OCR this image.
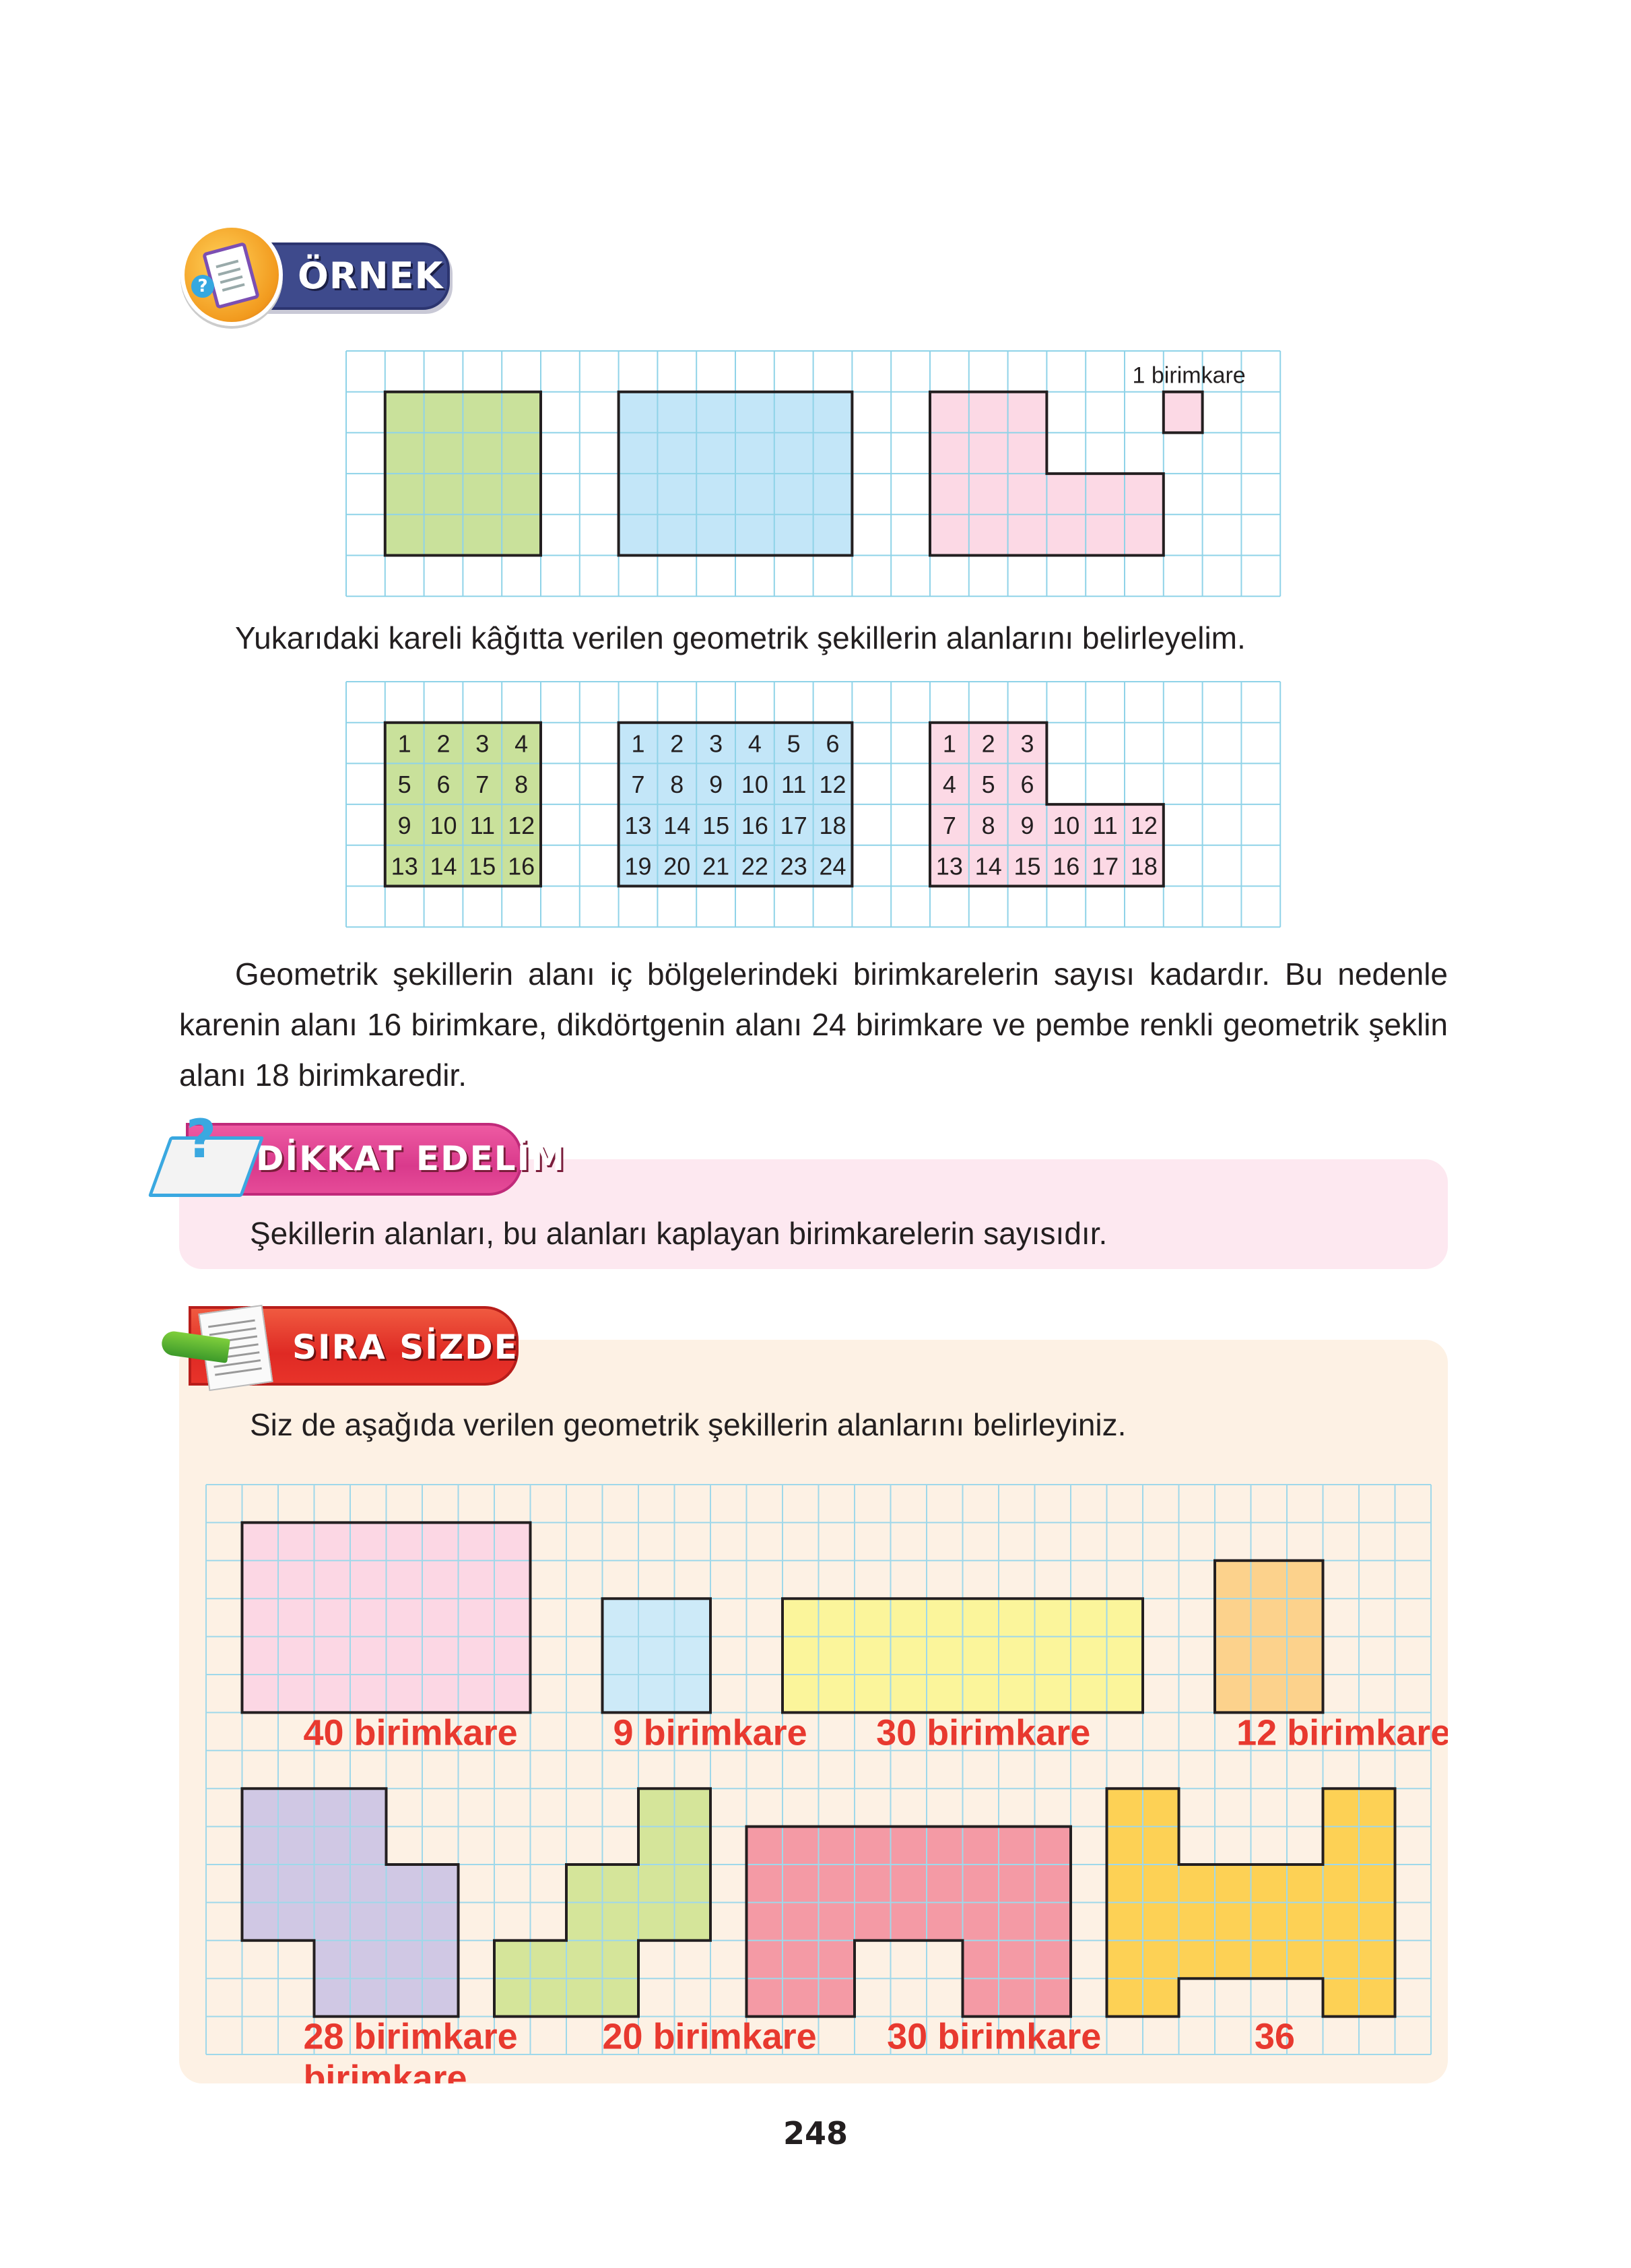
ÖRNEK
?
1 birimkare
Yukarıdaki kareli kâğıtta verilen geometrik şekillerin alanlarını belirleyelim.
1 2 3 4
5 6 7 8
9 10 11 12
13 14 15 16
1 2 3 4 5 6
7 8 9 10 11 12
13 14 15 16 17 18
19 20 21 22 23 24
1 2 3
4 5 6
7 8 9 10 11 12
13 14 15 16 17 18
Geometrik şekillerin alanı iç bölgelerindeki birimkarelerin sayısı kadardır. Bu nedenle karenin alanı 16 birimkare, dikdörtgenin alanı 24 birimkare ve pembe renkli geometrik şeklin alanı 18 birimkaredir.
DİKKAT EDELİM
?
Şekillerin alanları, bu alanları kaplayan birimkarelerin sayısıdır.
40 birimkare	9 birimkare 30 birimkare	12 birimkare
28 birimkare 20 birimkare 30 birimkare	36
birimkare
SIRA SİZDE
Siz de aşağıda verilen geometrik şekillerin alanlarını belirleyiniz.
248
